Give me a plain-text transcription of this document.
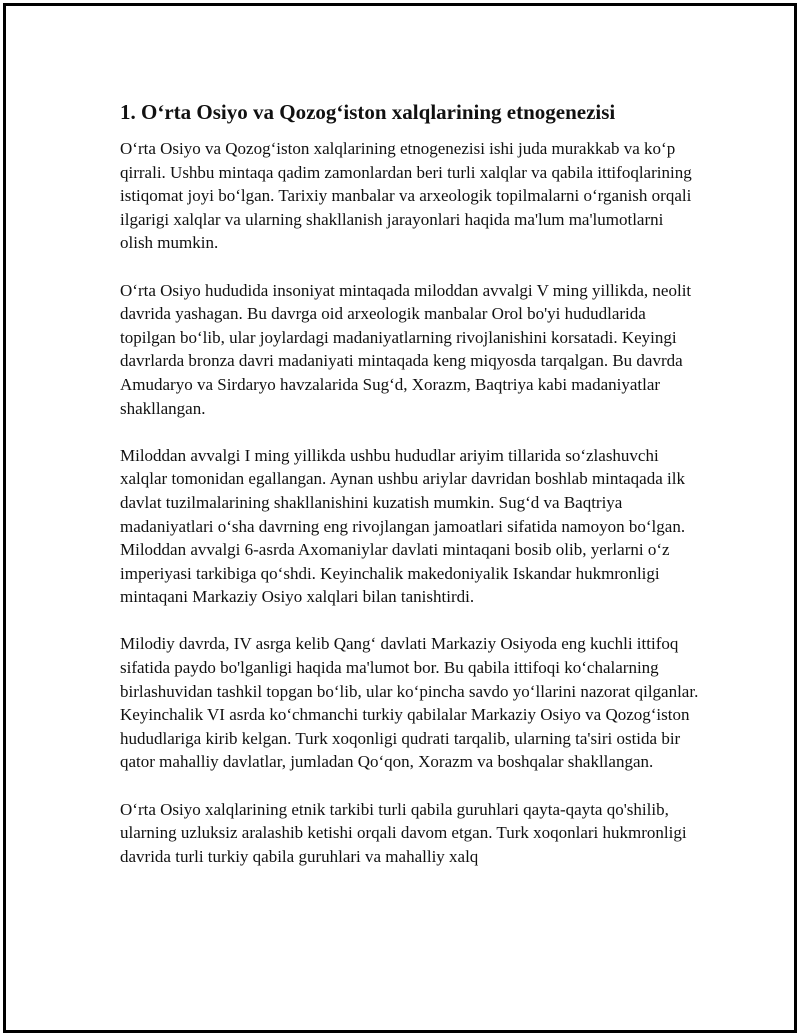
1. O‘rta Osiyo va Qozog‘iston xalqlarining etnogenezisi

O‘rta Osiyo va Qozog‘iston xalqlarining etnogenezisi ishi juda murakkab va ko‘p qirrali. Ushbu mintaqa qadim zamonlardan beri turli xalqlar va qabila ittifoqlarining istiqomat joyi bo‘lgan. Tarixiy manbalar va arxeologik topilmalarni o‘rganish orqali ilgarigi xalqlar va ularning shakllanish jarayonlari haqida ma'lum ma'lumotlarni olish mumkin.

O‘rta Osiyo hududida insoniyat mintaqada miloddan avvalgi V ming yillikda, neolit davrida yashagan. Bu davrga oid arxeologik manbalar Orol bo'yi hududlarida topilgan bo‘lib, ular joylardagi madaniyatlarning rivojlanishini korsatadi. Keyingi davrlarda bronza davri madaniyati mintaqada keng miqyosda tarqalgan. Bu davrda Amudaryo va Sirdaryo havzalarida Sug‘d, Xorazm, Baqtriya kabi madaniyatlar shakllangan.

Miloddan avvalgi I ming yillikda ushbu hududlar ariyim tillarida so‘zlashuvchi xalqlar tomonidan egallangan. Aynan ushbu ariylar davridan boshlab mintaqada ilk davlat tuzilmalarining shakllanishini kuzatish mumkin. Sug‘d va Baqtriya madaniyatlari o‘sha davrning eng rivojlangan jamoatlari sifatida namoyon bo‘lgan. Miloddan avvalgi 6-asrda Axomaniylar davlati mintaqani bosib olib, yerlarni o‘z imperiyasi tarkibiga qo‘shdi. Keyinchalik makedoniyalik Iskandar hukmronligi mintaqani Markaziy Osiyo xalqlari bilan tanishtirdi.

Milodiy davrda, IV asrga kelib Qang‘ davlati Markaziy Osiyoda eng kuchli ittifoq sifatida paydo bo'lganligi haqida ma'lumot bor. Bu qabila ittifoqi ko‘chalarning birlashuvidan tashkil topgan bo‘lib, ular ko‘pincha savdo yo‘llarini nazorat qilganlar. Keyinchalik VI asrda ko‘chmanchi turkiy qabilalar Markaziy Osiyo va Qozog‘iston hududlariga kirib kelgan. Turk xoqonligi qudrati tarqalib, ularning ta'siri ostida bir qator mahalliy davlatlar, jumladan Qo‘qon, Xorazm va boshqalar shakllangan.

O‘rta Osiyo xalqlarining etnik tarkibi turli qabila guruhlari qayta-qayta qo'shilib, ularning uzluksiz aralashib ketishi orqali davom etgan. Turk xoqonlari hukmronligi davrida turli turkiy qabila guruhlari va mahalliy xalq
